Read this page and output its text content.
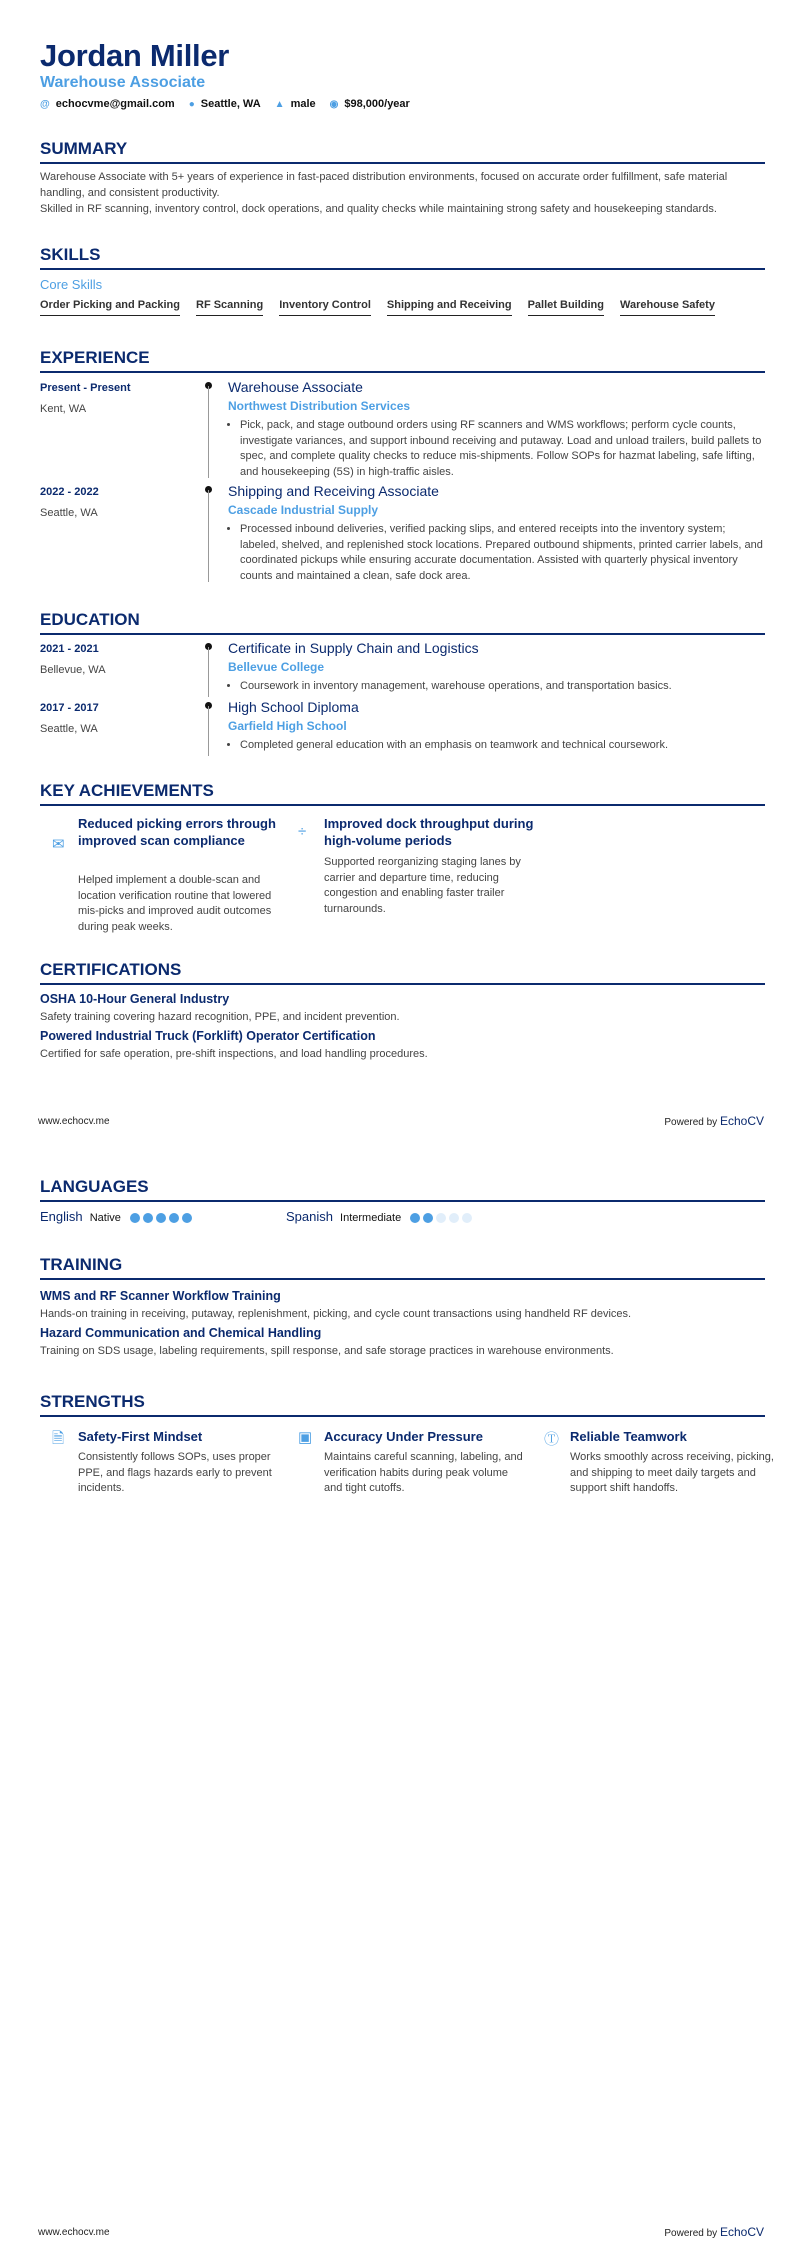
Jordan Miller
Warehouse Associate
@ echocvme@gmail.com ● Seattle, WA ▲ male ◉ $98,000/year
SUMMARY

Warehouse Associate with 5+ years of experience in fast-paced distribution environments, focused on accurate order fulfillment, safe material handling, and consistent productivity.

Skilled in RF scanning, inventory control, dock operations, and quality checks while maintaining strong safety and housekeeping standards.

SKILLS
Core Skills
Order Picking and Packing RF Scanning Inventory Control Shipping and Receiving Pallet Building Warehouse Safety
EXPERIENCE
Present - Present
Kent, WA
Warehouse Associate
Northwest Distribution Services
• Pick, pack, and stage outbound orders using RF scanners and WMS workflows; perform cycle counts, investigate variances, and support inbound receiving and putaway. Load and unload trailers, build pallets to spec, and complete quality checks to reduce mis-shipments. Follow SOPs for hazmat labeling, safe lifting, and housekeeping (5S) in high-traffic aisles.
2022 - 2022
Seattle, WA
Shipping and Receiving Associate
Cascade Industrial Supply
• Processed inbound deliveries, verified packing slips, and entered receipts into the inventory system; labeled, shelved, and replenished stock locations. Prepared outbound shipments, printed carrier labels, and coordinated pickups while ensuring accurate documentation. Assisted with quarterly physical inventory counts and maintained a clean, safe dock area.
EDUCATION
2021 - 2021
Bellevue, WA
Certificate in Supply Chain and Logistics
Bellevue College
• Coursework in inventory management, warehouse operations, and transportation basics.
2017 - 2017
Seattle, WA
High School Diploma
Garfield High School
• Completed general education with an emphasis on teamwork and technical coursework.
KEY ACHIEVEMENTS
✉
Reduced picking errors through improved scan compliance
Helped implement a double-scan and location verification routine that lowered mis-picks and improved audit outcomes during peak weeks.
÷	Improved dock throughput during high-volume periods
Supported reorganizing staging lanes by carrier and departure time, reducing congestion and enabling faster trailer turnarounds.
CERTIFICATIONS
OSHA 10-Hour General Industry
Safety training covering hazard recognition, PPE, and incident prevention.
Powered Industrial Truck (Forklift) Operator Certification
Certified for safe operation, pre-shift inspections, and load handling procedures.
www.echocv.me	Powered by EchoCV
LANGUAGES
English Native	Spanish Intermediate
TRAINING
WMS and RF Scanner Workflow Training
Hands-on training in receiving, putaway, replenishment, picking, and cycle count transactions using handheld RF devices.
Hazard Communication and Chemical Handling
Training on SDS usage, labeling requirements, spill response, and safe storage practices in warehouse environments.
STRENGTHS
🗎	Safety-First Mindset
Consistently follows SOPs, uses proper PPE, and flags hazards early to prevent incidents.
▣ Accuracy Under Pressure
Maintains careful scanning, labeling, and verification habits during peak volume and tight cutoffs.
Ⓣ Reliable Teamwork
Works smoothly across receiving, picking, and shipping to meet daily targets and support shift handoffs.
www.echocv.me	Powered by EchoCV
